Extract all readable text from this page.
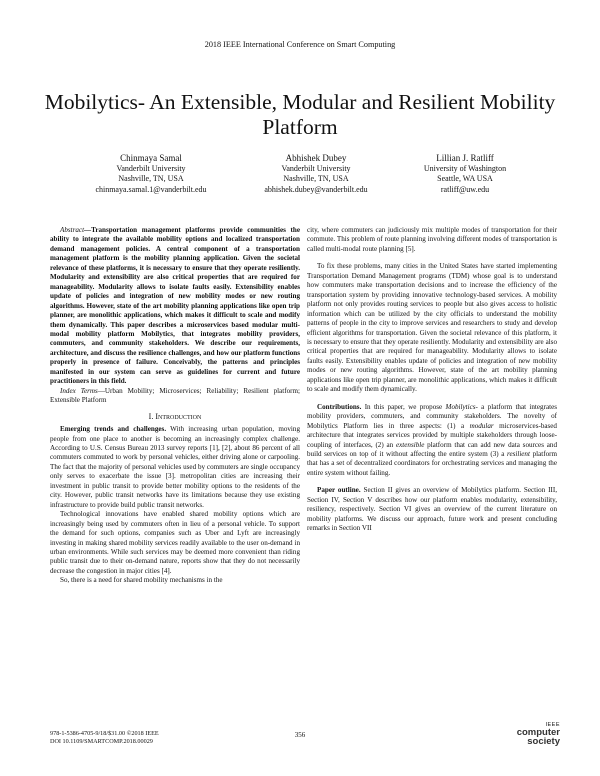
2018 IEEE International Conference on Smart Computing
Mobilytics- An Extensible, Modular and Resilient Mobility Platform
Chinmaya Samal
Vanderbilt University
Nashville, TN, USA
chinmaya.samal.1@vanderbilt.edu
Abhishek Dubey
Vanderbilt University
Nashville, TN, USA
abhishek.dubey@vanderbilt.edu
Lillian J. Ratliff
University of Washington
Seattle, WA USA
ratliff@uw.edu

Abstract—Transportation management platforms provide communities the ability to integrate the available mobility options and localized transportation demand management policies. A central component of a transportation management platform is the mobility planning application. Given the societal relevance of these platforms, it is necessary to ensure that they operate resiliently. Modularity and extensibility are also critical properties that are required for manageability. Modularity allows to isolate faults easily. Extensibility enables update of policies and integration of new mobility modes or new routing algorithms. However, state of the art mobility planning applications like open trip planner, are monolithic applications, which makes it difficult to scale and modify them dynamically. This paper describes a microservices based modular multi-modal mobility platform Mobilytics, that integrates mobility providers, commuters, and community stakeholders. We describe our requirements, architecture, and discuss the resilience challenges, and how our platform functions properly in presence of failure. Conceivably, the patterns and principles manifested in our system can serve as guidelines for current and future practitioners in this field.

Index Terms—Urban Mobility; Microservices; Reliability; Resilient platform; Extensible Platform

I. Introduction

Emerging trends and challenges. With increasing urban population, moving people from one place to another is becoming an increasingly complex challenge. According to U.S. Census Bureau 2013 survey reports [1], [2], about 86 percent of all commuters commuted to work by personal vehicles, either driving alone or carpooling. The fact that the majority of personal vehicles used by commuters are single occupancy only serves to exacerbate the issue [3]. metropolitan cities are increasing their investment in public transit to provide better mobility options to the residents of the city. However, public transit networks have its limitations because they use existing infrastructure to provide build public transit networks.

Technological innovations have enabled shared mobility options which are increasingly being used by commuters often in lieu of a personal vehicle. To support the demand for such options, companies such as Uber and Lyft are increasingly investing in making shared mobility services readily available to the user on-demand in urban environments. While such services may be deemed more convenient than riding public transit due to their on-demand nature, reports show that they do not necessarily decrease the congestion in major cities [4].

So, there is a need for shared mobility mechanisms in the

city, where commuters can judiciously mix multiple modes of transportation for their commute. This problem of route planning involving different modes of transportation is called multi-modal route planning [5].

To fix these problems, many cities in the United States have started implementing Transportation Demand Management programs (TDM) whose goal is to understand how commuters make transportation decisions and to increase the efficiency of the transportation system by providing innovative technology-based services. A mobility platform not only provides routing services to people but also gives access to holistic information which can be utilized by the city officials to understand the mobility patterns of people in the city to improve services and researchers to study and develop efficient algorithms for transportation. Given the societal relevance of this platform, it is necessary to ensure that they operate resiliently. Modularity and extensibility are also critical properties that are required for manageability. Modularity allows to isolate faults easily. Extensibility enables update of policies and integration of new mobility modes or new routing algorithms. However, state of the art mobility planning applications like open trip planner, are monolithic applications, which makes it difficult to scale and modify them dynamically.

Contributions. In this paper, we propose Mobilytics- a platform that integrates mobility providers, commuters, and community stakeholders. The novelty of Mobilytics Platform lies in three aspects: (1) a modular microservices-based architecture that integrates services provided by multiple stakeholders through loose-coupling of interfaces, (2) an extensible platform that can add new data sources and build services on top of it without affecting the entire system (3) a resilient platform that has a set of decentralized coordinators for orchestrating services and managing the entire system without failing.

Paper outline. Section II gives an overview of Mobilytics platform. Section III, Section IV, Section V describes how our platform enables modularity, extensibility, resiliency, respectively. Section VI gives an overview of the current literature on mobility platforms. We discuss our approach, future work and present concluding remarks in Section VII

978-1-5386-4705-9/18/$31.00 ©2018 IEEE
DOI 10.1109/SMARTCOMP.2018.00029
356
IEEE
computer
society
